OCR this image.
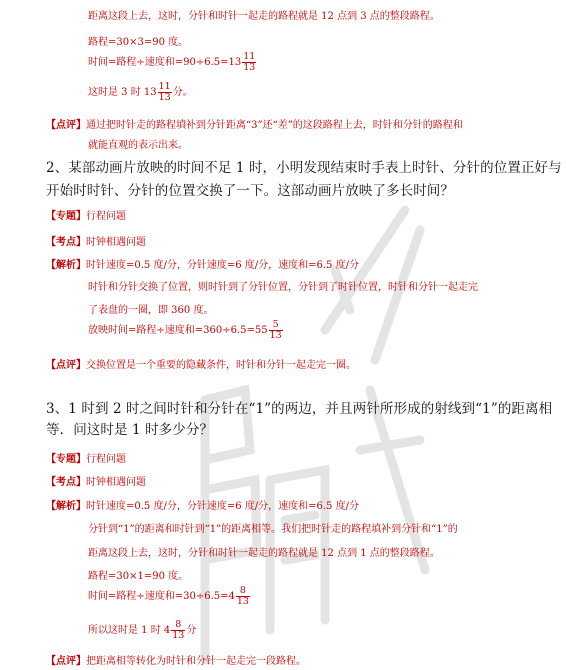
距离这段上去，这时，分针和时针一起走的路程就是 12 点到 3 点的整段路程。
路程=30×3=90 度。
时间=路程÷速度和$=90\div 6.5=13 \frac{11}{13}$
这时是 3 时 $13 \frac{11}{13}$ 分。
【点评】通过把时针走的路程填补到分针距离“3”还“差”的这段路程上去，时针和分针的路程和
就能直观的表示出来。
2、某部动画片放映的时间不足 1 时，小明发现结束时手表上时针、分针的位置正好与
开始时时针、分针的位置交换了一下。这部动画片放映了多长时间？
【专题】行程问题
【考点】时钟相遇问题
【解析】时针速度=0.5 度/分，分针速度=6 度/分，速度和=6.5 度/分
时针和分针交换了位置，则时针到了分针位置，分针到了时针位置，时针和分针一起走完
了表盘的一圈，即 360 度。
放映时间=路程÷速度和$=360\div 6.5=55 \frac{5}{13}$
【点评】交换位置是一个重要的隐藏条件，时针和分针一起走完一圈。
3、1 时到 2 时之间时针和分针在“1”的两边，并且两针所形成的射线到“1”的距离相
等．问这时是 1 时多少分？
【专题】行程问题
【考点】时钟相遇问题
【解析】时针速度=0.5 度/分，分针速度=6 度/分，速度和=6.5 度/分
分针到“1”的距离和时针到“1”的距离相等。我们把时针走的路程填补到分针和“1”的
距离这段上去，这时，分针和时针一起走的路程就是 12 点到 1 点的整段路程。
路程=30×1=90 度。
时间=路程÷速度和$=30\div 6.5=4 \frac{8}{13}$
所以这时是 1 时 $4 \frac{8}{13}$ 分
【点评】把距离相等转化为时针和分针一起走完一段路程。
